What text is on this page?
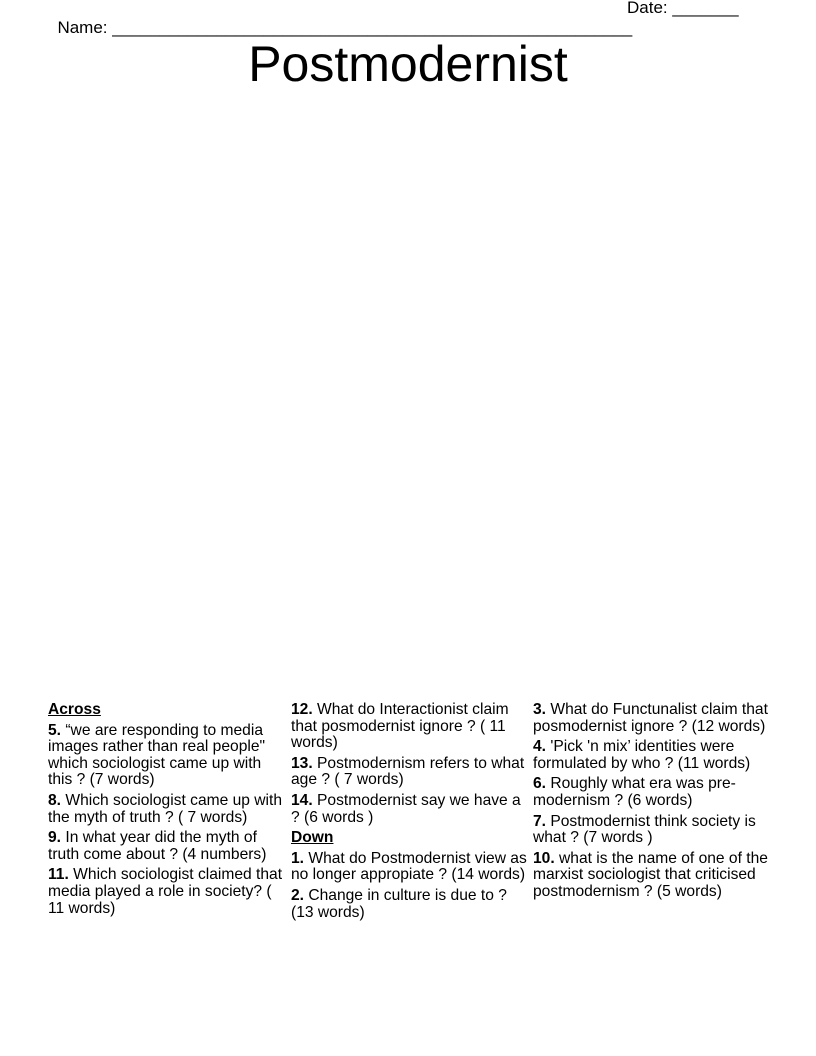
Name: _______________________________________________________

Date: _______

Postmodernist
Across
5. “we are responding to media images rather than real people" which sociologist came up with this ? (7 words)
8. Which sociologist came up with the myth of truth ? ( 7 words)
9. In what year did the myth of truth come about ? (4 numbers)
11. Which sociologist claimed that media played a role in society? ( 11 words)
12. What do Interactionist claim that posmodernist ignore ? ( 11 words)
13. Postmodernism refers to what age ? ( 7 words)
14. Postmodernist say we have a ? (6 words )
Down
1. What do Postmodernist view as no longer appropiate ? (14 words)
2. Change in culture is due to ? (13 words)
3. What do Functunalist claim that posmodernist ignore ? (12 words)
4. 'Pick 'n mix’ identities were formulated by who ? (11 words)
6. Roughly what era was pre-modernism ? (6 words)
7. Postmodernist think society is what ? (7 words )
10. what is the name of one of the marxist sociologist that criticised postmodernism ? (5 words)
